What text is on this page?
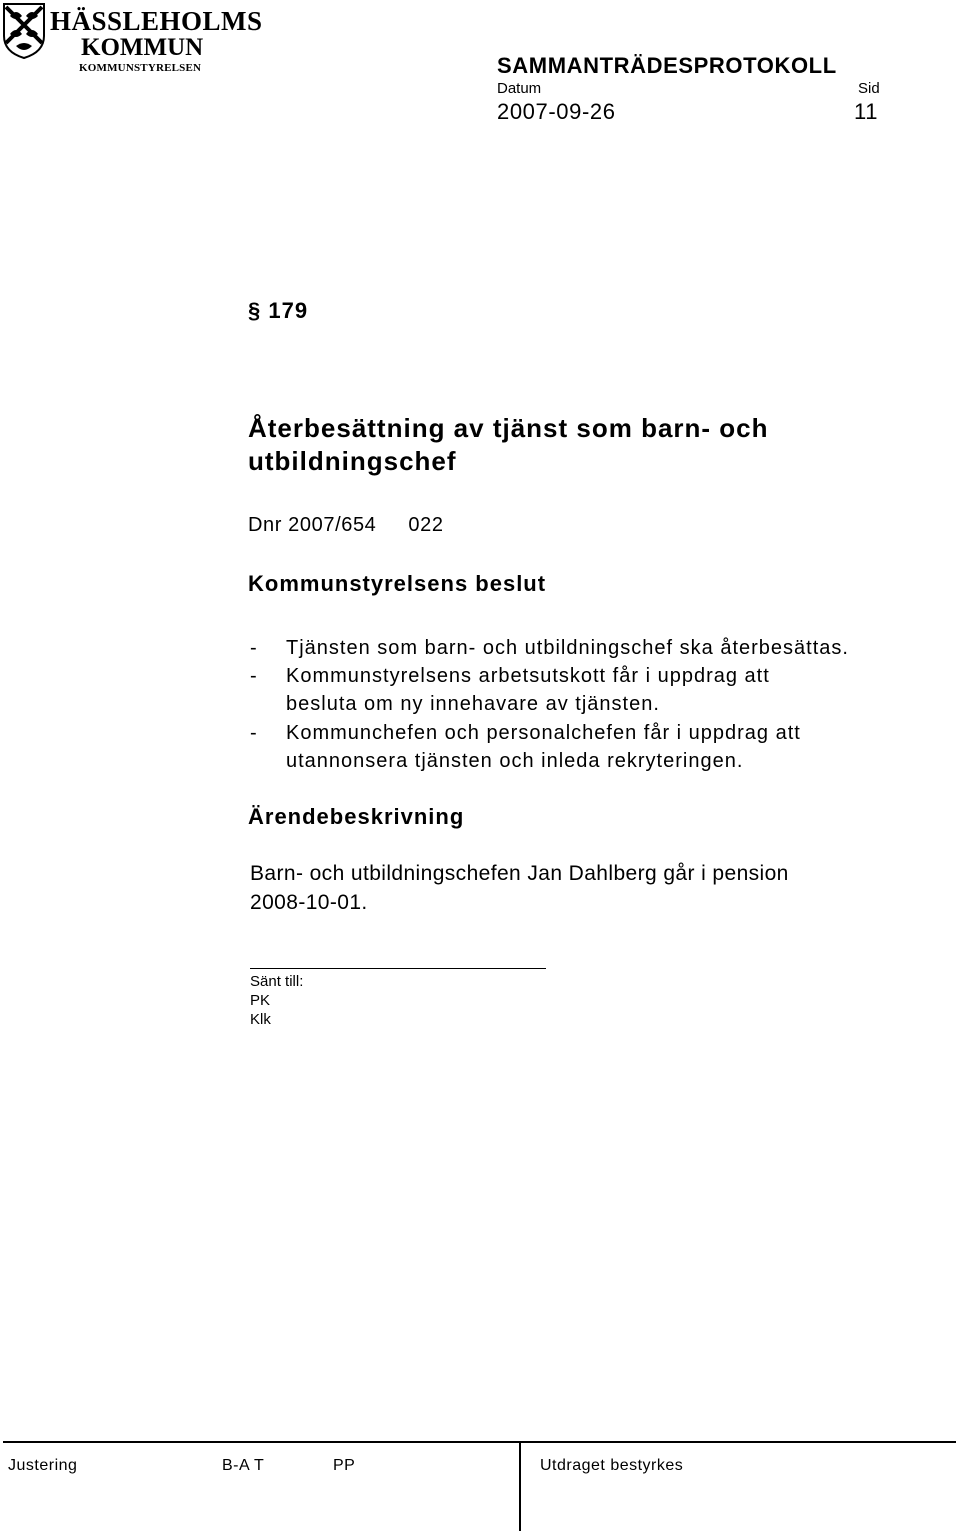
HÄSSLEHOLMS
KOMMUN
KOMMUNSTYRELSEN	SAMMANTRÄDESPROTOKOLL
Datum	Sid
2007-09-26	11
§ 179
Återbesättning av tjänst som barn- och
utbildningschef
Dnr 2007/654 022
Kommunstyrelsens beslut
- Tjänsten som barn- och utbildningschef ska återbesättas.
- Kommunstyrelsens arbetsutskott får i uppdrag att
besluta om ny innehavare av tjänsten.
- Kommunchefen och personalchefen får i uppdrag att
utannonsera tjänsten och inleda rekryteringen.
Ärendebeskrivning
Barn- och utbildningschefen Jan Dahlberg går i pension
2008-10-01.
Sänt till:
PK
Klk
Justering	B-A T	PP	Utdraget bestyrkes
